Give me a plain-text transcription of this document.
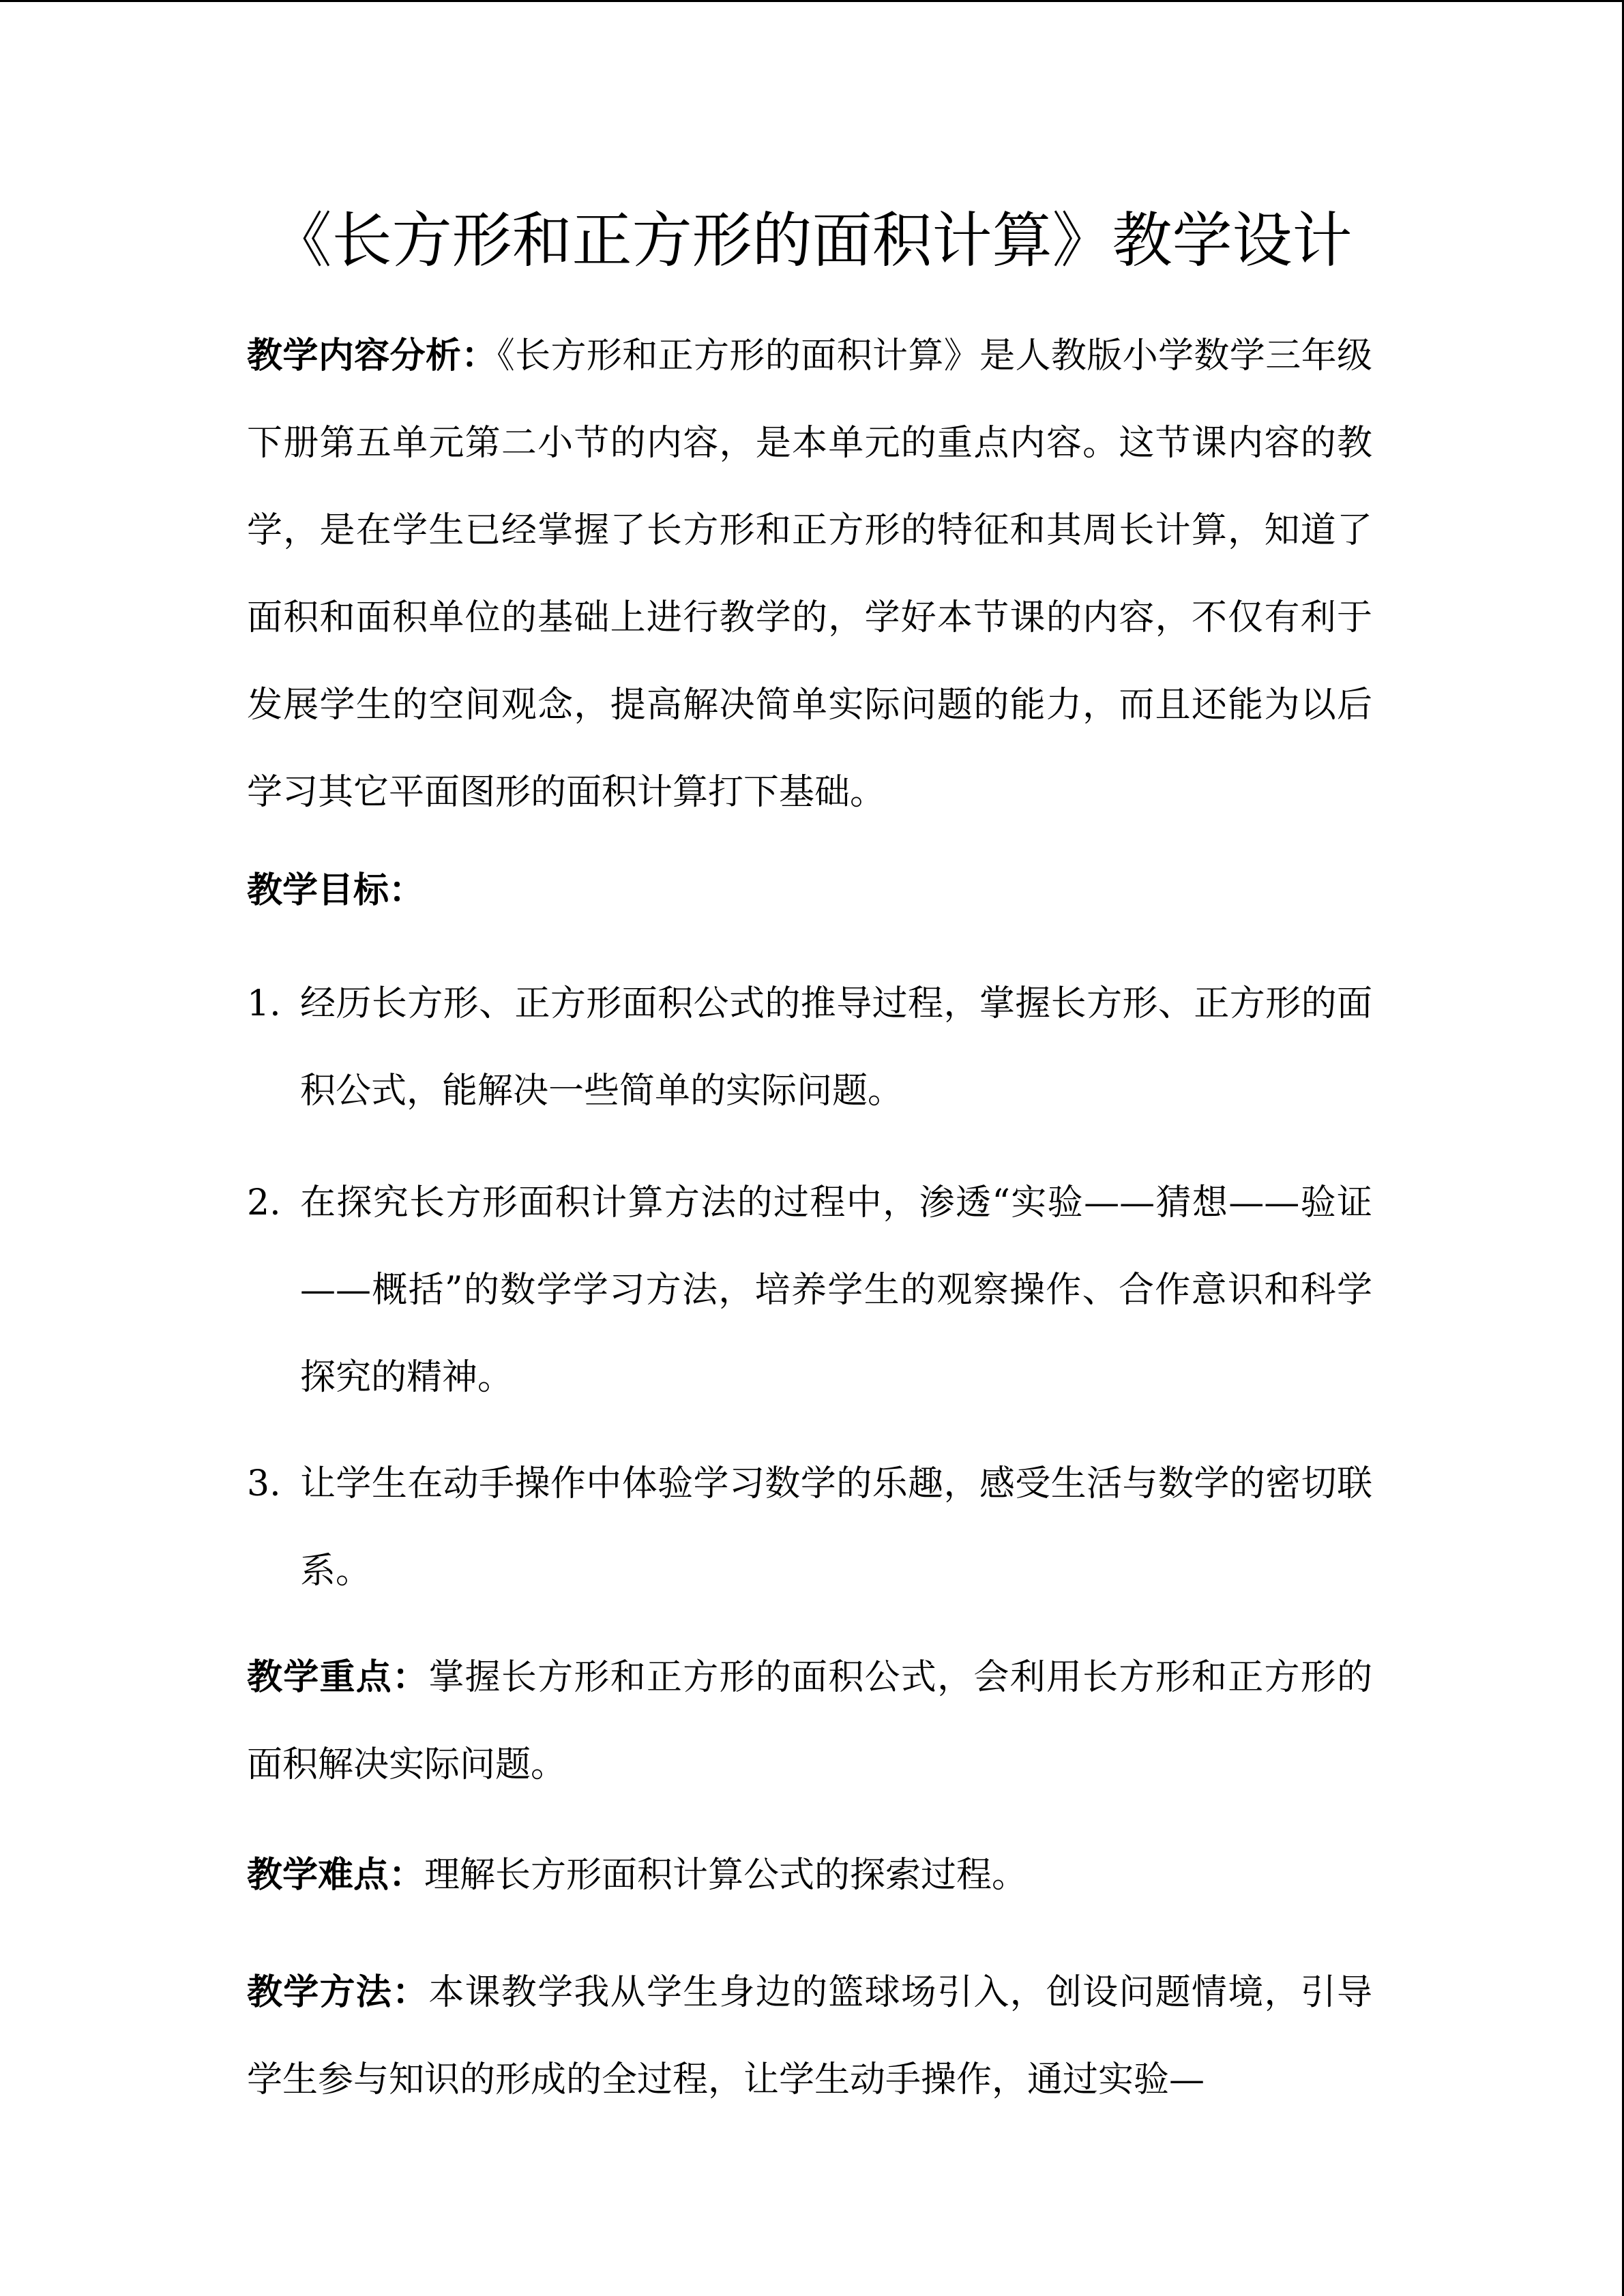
《长方形和正方形的面积计算》教学设计

教学内容分析：《长方形和正方形的面积计算》是人教版小学数学三年级下册第五单元第二小节的内容，是本单元的重点内容。这节课内容的教学，是在学生已经掌握了长方形和正方形的特征和其周长计算，知道了面积和面积单位的基础上进行教学的，学好本节课的内容，不仅有利于发展学生的空间观念，提高解决简单实际问题的能力，而且还能为以后学习其它平面图形的面积计算打下基础。

教学目标：

1. 经历长方形、正方形面积公式的推导过程，掌握长方形、正方形的面积公式，能解决一些简单的实际问题。
2. 在探究长方形面积计算方法的过程中，渗透“实验——猜想——验证——概括”的数学学习方法，培养学生的观察操作、合作意识和科学探究的精神。
3. 让学生在动手操作中体验学习数学的乐趣，感受生活与数学的密切联系。

教学重点：掌握长方形和正方形的面积公式，会利用长方形和正方形的面积解决实际问题。

教学难点：理解长方形面积计算公式的探索过程。

教学方法：本课教学我从学生身边的篮球场引入，创设问题情境，引导学生参与知识的形成的全过程，让学生动手操作，通过实验—
